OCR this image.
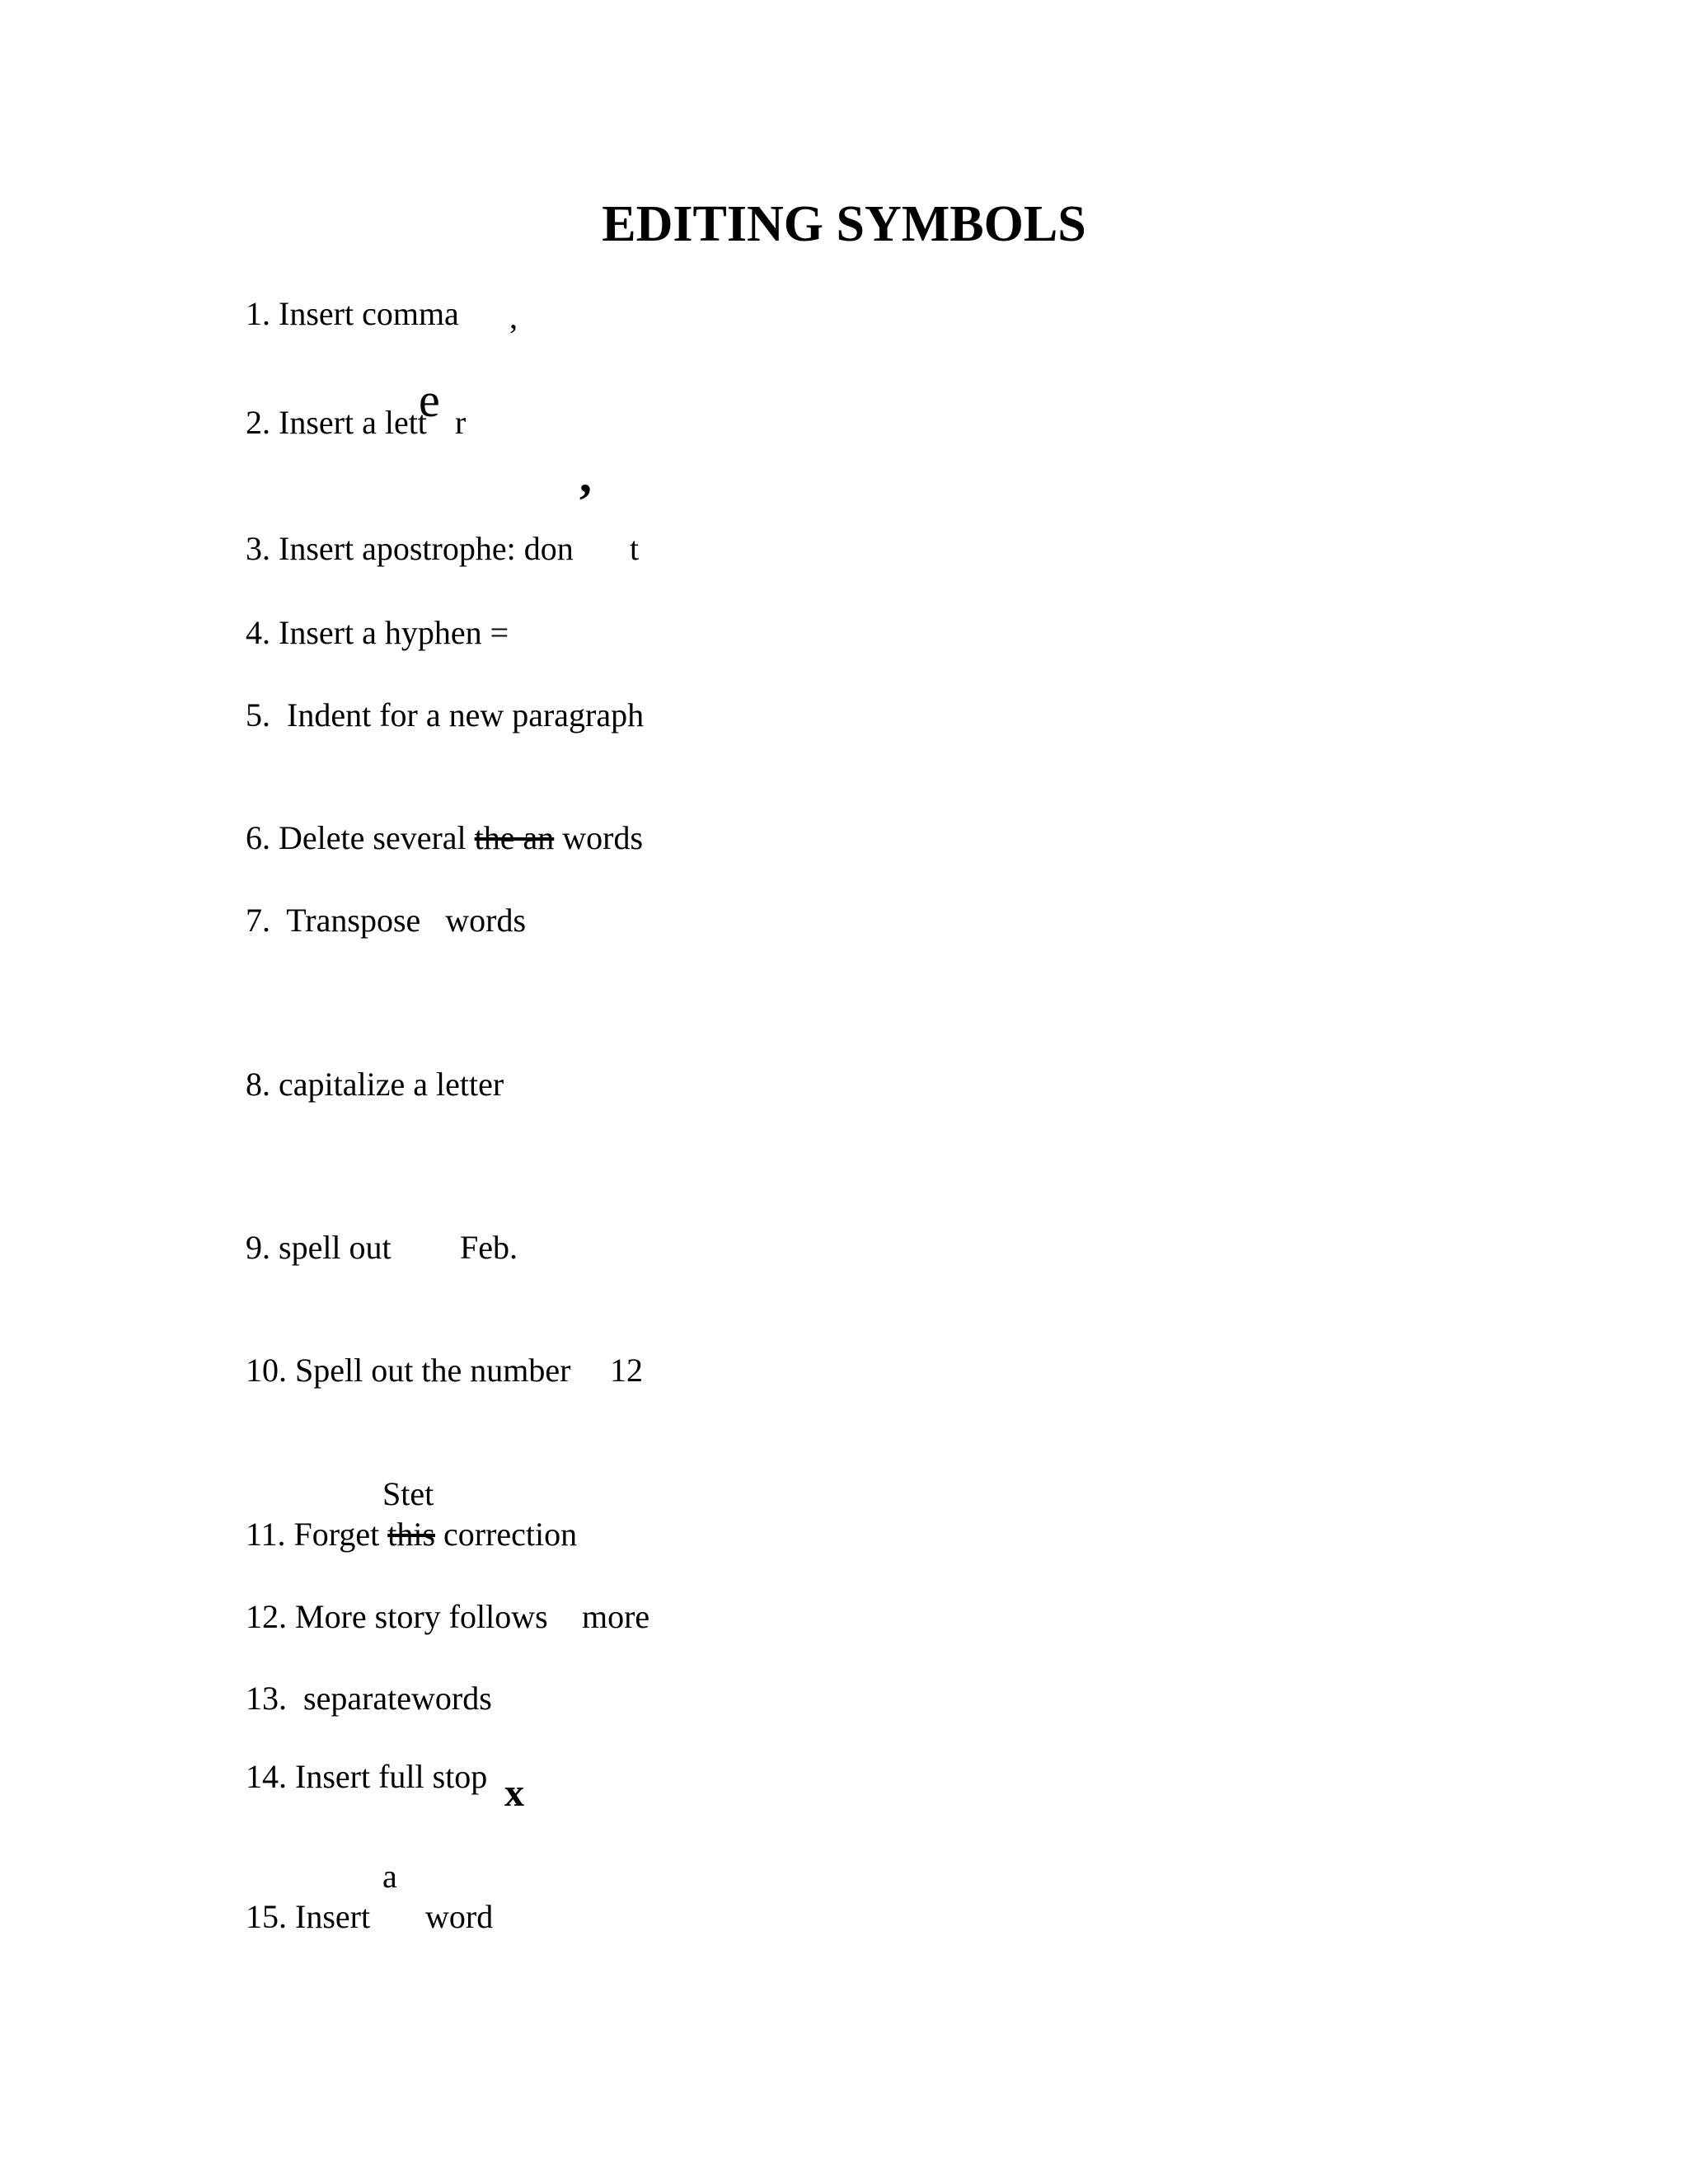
EDITING SYMBOLS
1. Insert comma ,
2. Insert a lett
e r
’
3. Insert apostrophe: don t
4. Insert a hyphen =
5.  Indent for a new paragraph
6. Delete several the an words
7.  Transpose   words
8. capitalize a letter
9. spell out Feb.
10. Spell out the number 12
Stet
11. Forget this correction
12. More story follows more
13.  separatewords
14. Insert full stop x
a
15. Insert word
